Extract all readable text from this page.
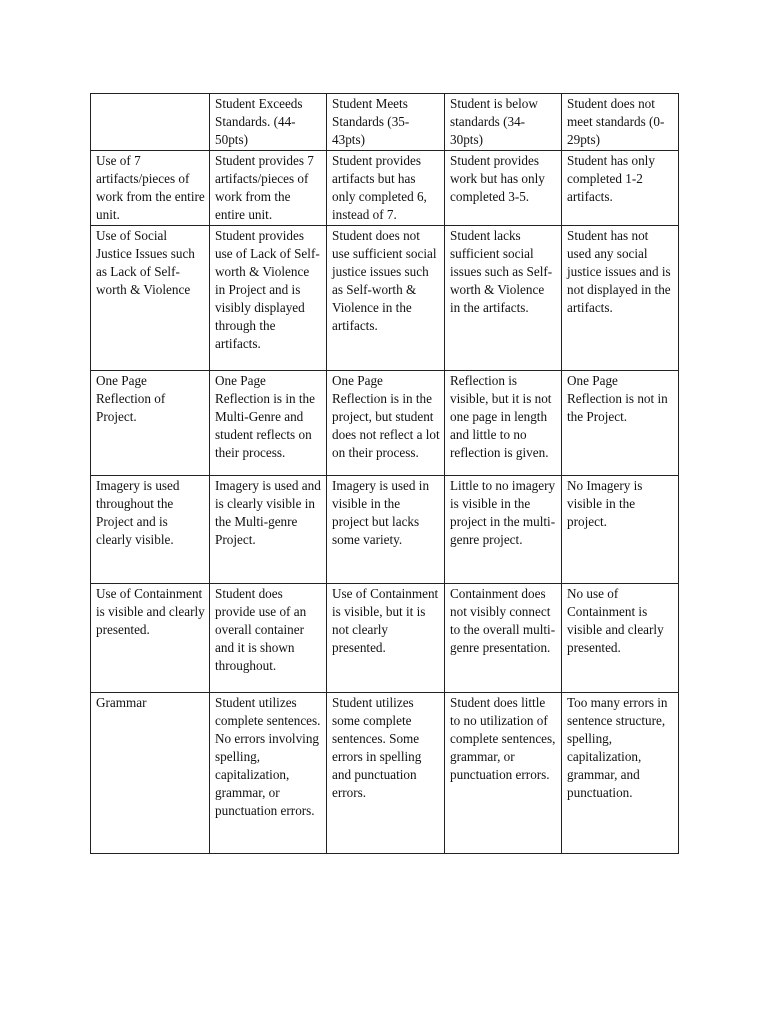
	Student Exceeds Standards. (44-50pts)	Student Meets Standards (35-43pts)	Student is below standards (34-30pts)	Student does not meet standards (0-29pts)
Use of 7 artifacts/pieces of work from the entire unit.	Student provides 7 artifacts/pieces of work from the entire unit.	Student provides artifacts but has only completed 6, instead of 7.	Student provides work but has only completed 3-5.	Student has only completed 1-2 artifacts.
Use of Social Justice Issues such as Lack of Self-worth & Violence	Student provides use of Lack of Self-worth & Violence in Project and is visibly displayed through the artifacts.	Student does not use sufficient social justice issues such as Self-worth & Violence in the artifacts.	Student lacks sufficient social issues such as Self-worth & Violence in the artifacts.	Student has not used any social justice issues and is not displayed in the artifacts.
One Page Reflection of Project.	One Page Reflection is in the Multi-Genre and student reflects on their process.	One Page Reflection is in the project, but student does not reflect a lot on their process.	Reflection is visible, but it is not one page in length and little to no reflection is given.	One Page Reflection is not in the Project.
Imagery is used throughout the Project and is clearly visible.	Imagery is used and is clearly visible in the Multi-genre Project.	Imagery is used in visible in the project but lacks some variety.	Little to no imagery is visible in the project in the multi-genre project.	No Imagery is visible in the project.
Use of Containment is visible and clearly presented.	Student does provide use of an overall container and it is shown throughout.	Use of Containment is visible, but it is not clearly presented.	Containment does not visibly connect to the overall multi-genre presentation.	No use of Containment is visible and clearly presented.
Grammar	Student utilizes complete sentences. No errors involving spelling, capitalization, grammar, or punctuation errors.	Student utilizes some complete sentences. Some errors in spelling and punctuation errors.	Student does little to no utilization of complete sentences, grammar, or punctuation errors.	Too many errors in sentence structure, spelling, capitalization, grammar, and punctuation.
